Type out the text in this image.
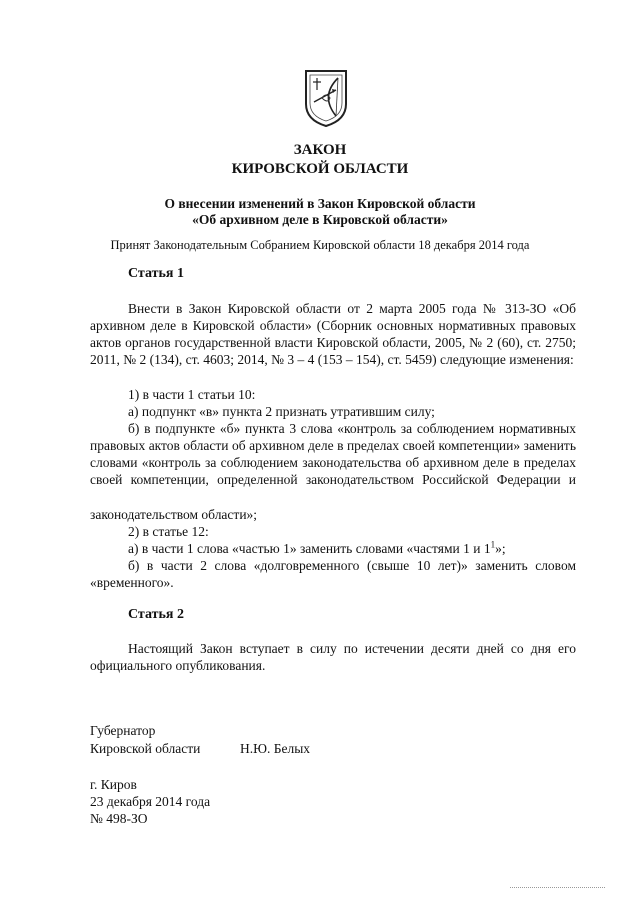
ЗАКОН
КИРОВСКОЙ ОБЛАСТИ
О внесении изменений в Закон Кировской области
«Об архивном деле в Кировской области»
Принят Законодательным Собранием Кировской области 18 декабря 2014 года
Статья 1
Внести в Закон Кировской области от 2 марта 2005 года № 313-ЗО «Об архивном деле в Кировской области» (Сборник основных нормативных правовых актов органов государственной власти Кировской области, 2005, № 2 (60), ст. 2750; 2011, № 2 (134), ст. 4603; 2014, № 3 – 4 (153 – 154), ст. 5459) следующие изменения:
1) в части 1 статьи 10:
а) подпункт «в» пункта 2 признать утратившим силу;
б) в подпункте «б» пункта 3 слова «контроль за соблюдением нормативных правовых актов области об архивном деле в пределах своей компетенции» заменить словами «контроль за соблюдением законодательства об архивном деле в пределах своей компетенции, определенной законодательством Российской Федерации и
законодательством области»;
2) в статье 12:
а) в части 1 слова «частью 1» заменить словами «частями 1 и $1^1$»;
б) в части 2 слова «долговременного (свыше 10 лет)» заменить словом «временного».
Статья 2
Настоящий Закон вступает в силу по истечении десяти дней со дня его официального опубликования.
Губернатор
Кировской области	Н.Ю. Белых
г. Киров
23 декабря 2014 года
№ 498-ЗО
